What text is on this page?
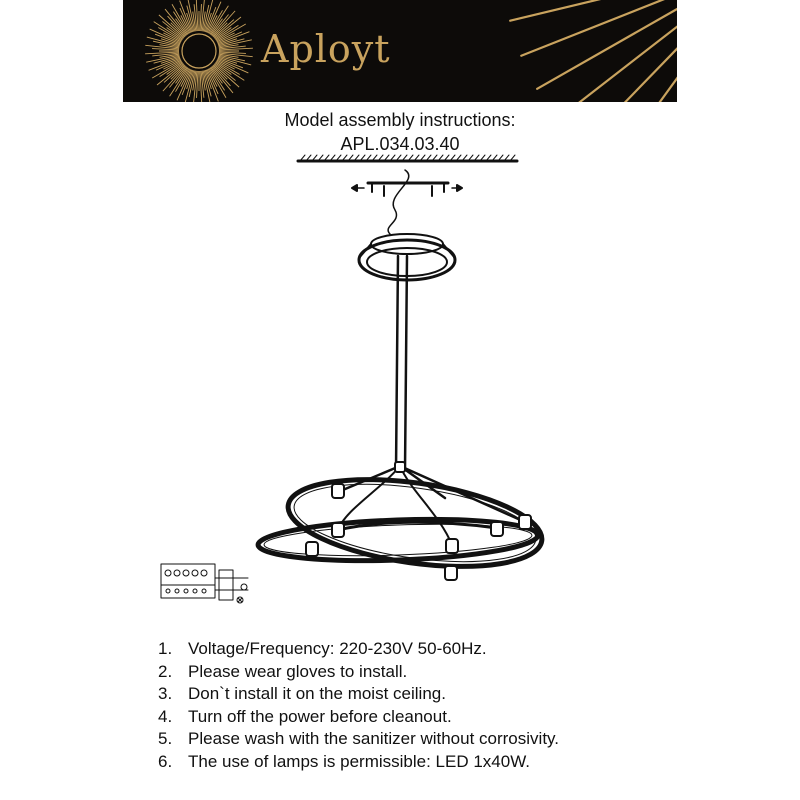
Aployt
Model assembly instructions:
APL.034.03.40
1. Voltage/Frequency: 220-230V 50-60Hz.
2. Please wear gloves to install.
3. Don`t install it on the moist ceiling.
4. Turn off the power before cleanout.
5. Please wash with the sanitizer without corrosivity.
6. The use of lamps is permissible: LED 1x40W.
